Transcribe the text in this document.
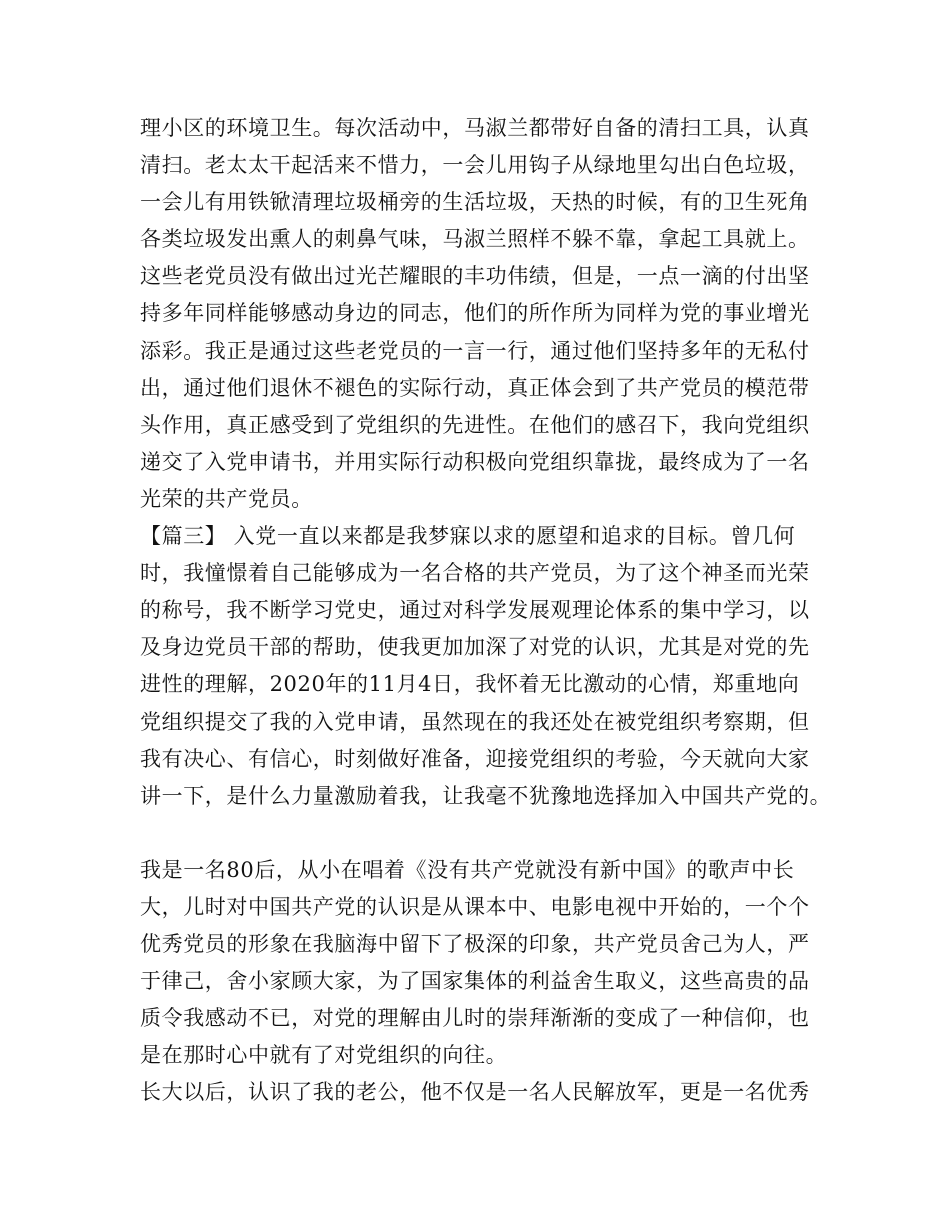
理小区的环境卫生。每次活动中，马淑兰都带好自备的清扫工具，认真
清扫。老太太干起活来不惜力，一会儿用钩子从绿地里勾出白色垃圾，
一会儿有用铁锨清理垃圾桶旁的生活垃圾，天热的时候，有的卫生死角
各类垃圾发出熏人的刺鼻气味，马淑兰照样不躲不靠，拿起工具就上。
这些老党员没有做出过光芒耀眼的丰功伟绩，但是，一点一滴的付出坚
持多年同样能够感动身边的同志，他们的所作所为同样为党的事业增光
添彩。我正是通过这些老党员的一言一行，通过他们坚持多年的无私付
出，通过他们退休不褪色的实际行动，真正体会到了共产党员的模范带
头作用，真正感受到了党组织的先进性。在他们的感召下，我向党组织
递交了入党申请书，并用实际行动积极向党组织靠拢，最终成为了一名
光荣的共产党员。
【篇三】 入党一直以来都是我梦寐以求的愿望和追求的目标。曾几何
时，我憧憬着自己能够成为一名合格的共产党员，为了这个神圣而光荣
的称号，我不断学习党史，通过对科学发展观理论体系的集中学习，以
及身边党员干部的帮助，使我更加加深了对党的认识，尤其是对党的先
进性的理解，2020年的11月4日，我怀着无比激动的心情，郑重地向
党组织提交了我的入党申请，虽然现在的我还处在被党组织考察期，但
我有决心、有信心，时刻做好准备，迎接党组织的考验，今天就向大家
讲一下，是什么力量激励着我，让我毫不犹豫地选择加入中国共产党的。
我是一名80后，从小在唱着《没有共产党就没有新中国》的歌声中长
大，儿时对中国共产党的认识是从课本中、电影电视中开始的，一个个
优秀党员的形象在我脑海中留下了极深的印象，共产党员舍己为人，严
于律己，舍小家顾大家，为了国家集体的利益舍生取义，这些高贵的品
质令我感动不已，对党的理解由儿时的崇拜渐渐的变成了一种信仰，也
是在那时心中就有了对党组织的向往。
长大以后，认识了我的老公，他不仅是一名人民解放军，更是一名优秀
